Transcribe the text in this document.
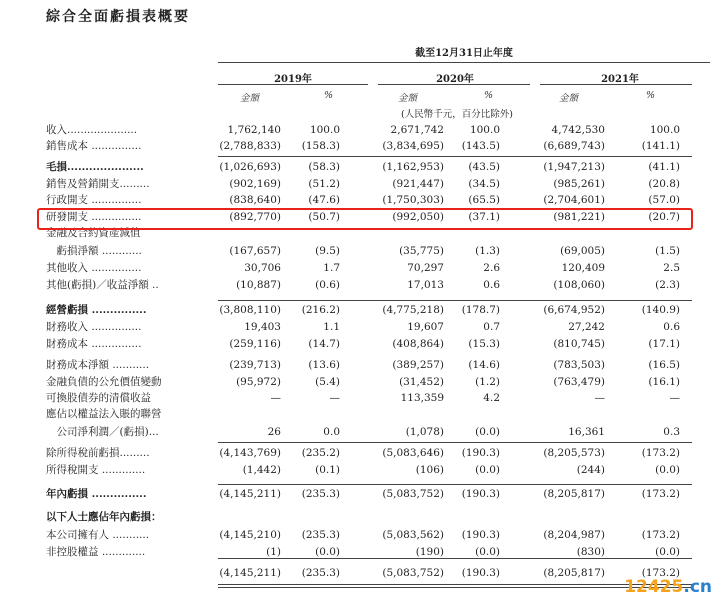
綜合全面虧損表概要
截至12月31日止年度
2019年	2020年	2021年
金額	%	金額	%	金額	%
(人民幣千元，百分比除外)
收入.....................	1,762,140	100.0	2,671,742 100.0	4,742,530	100.0
銷售成本 ...............	(2,788,833) (158.3)	(3,834,695) (143.5)	(6,689,743)	(141.1)
毛損.....................	(1,026,693)	(58.3)	(1,162,953) (43.5)	(1,947,213)	(41.1)
銷售及營銷開支.........	(902,169)	(51.2)	(921,447) (34.5)	(985,261)	(20.8)
行政開支 ...............	(838,640)	(47.6)	(1,750,303) (65.5)	(2,704,601)	(57.0)
研發開支 ...............	(892,770)	(50.7)	(992,050) (37.1)	(981,221)	(20.7)
金融及合約資產減值
　虧損淨額 ............	(167,657)	(9.5)	(35,775)	(1.3)	(69,005)	(1.5)
其他收入 ...............	30,706	1.7	70,297	2.6	120,409	2.5
其他(虧損)／收益淨額 ..	(10,887)	(0.6)	17,013	0.6	(108,060)	(2.3)
經營虧損 ...............	(3,808,110) (216.2)	(4,775,218) (178.7)	(6,674,952)	(140.9)
財務收入 ...............	19,403	1.1	19,607	0.7	27,242	0.6
財務成本 ...............	(259,116)	(14.7)	(408,864) (15.3)	(810,745)	(17.1)
財務成本淨額 ...........	(239,713)	(13.6)	(389,257) (14.6)	(783,503)	(16.5)
金融負債的公允價值變動	(95,972)	(5.4)	(31,452)	(1.2)	(763,479)	(16.1)
可換股債券的清償收益	—	—	113,359	4.2	—	—
應佔以權益法入賬的聯營
　公司淨利潤／(虧損)...	26	0.0	(1,078)	(0.0)	16,361	0.3
除所得稅前虧損.........	(4,143,769) (235.2)	(5,083,646) (190.3)	(8,205,573)	(173.2)
所得稅開支 .............	(1,442)	(0.1)	(106)	(0.0)	(244)	(0.0)
年內虧損 ...............	(4,145,211) (235.3)	(5,083,752) (190.3)	(8,205,817)	(173.2)
以下人士應佔年內虧損：
本公司擁有人 ...........	(4,145,210) (235.3)	(5,083,562) (190.3)	(8,204,987)	(173.2)
非控股權益 .............	(1)	(0.0)	(190)	(0.0)	(830)	(0.0)
(4,145,211) (235.3)	(5,083,752) (190.3)	(8,205,817)	(173.2)
12425.cn
